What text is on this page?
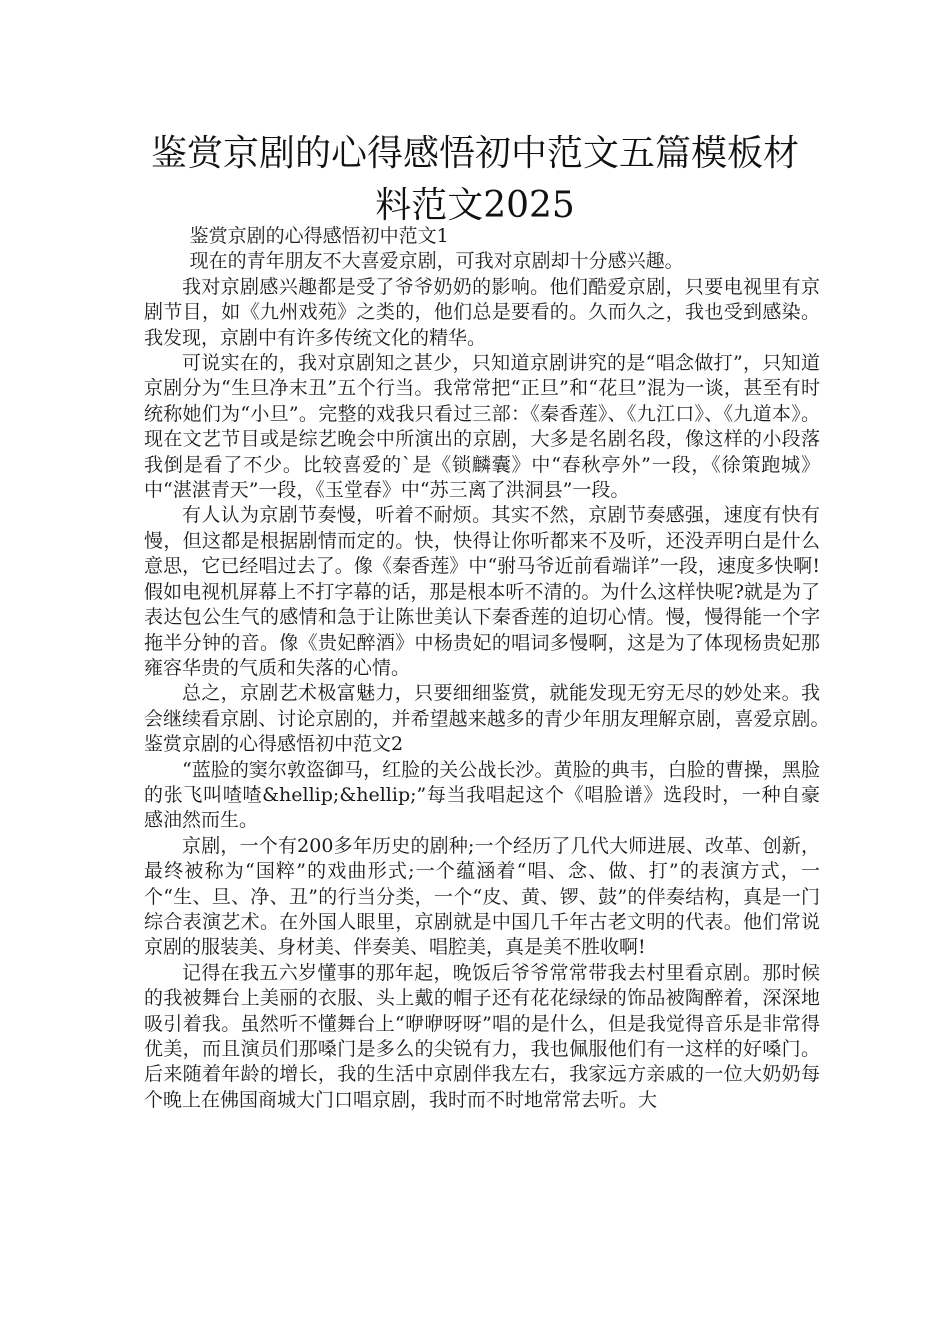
鉴赏京剧的心得感悟初中范文五篇模板材料范文2025

鉴赏京剧的心得感悟初中范文1

现在的青年朋友不大喜爱京剧，可我对京剧却十分感兴趣。

我对京剧感兴趣都是受了爷爷奶奶的影响。他们酷爱京剧，只要电视里有京剧节目，如《九州戏苑》之类的，他们总是要看的。久而久之，我也受到感染。我发现，京剧中有许多传统文化的精华。

可说实在的，我对京剧知之甚少，只知道京剧讲究的是“唱念做打”，只知道京剧分为“生旦净末丑”五个行当。我常常把“正旦”和“花旦”混为一谈，甚至有时统称她们为“小旦”。完整的戏我只看过三部：《秦香莲》、《九江口》、《九道本》。现在文艺节目或是综艺晚会中所演出的京剧，大多是名剧名段，像这样的小段落我倒是看了不少。比较喜爱的`是《锁麟囊》中“春秋亭外”一段，《徐策跑城》中“湛湛青天”一段，《玉堂春》中“苏三离了洪洞县”一段。

有人认为京剧节奏慢，听着不耐烦。其实不然，京剧节奏感强，速度有快有慢，但这都是根据剧情而定的。快，快得让你听都来不及听，还没弄明白是什么意思，它已经唱过去了。像《秦香莲》中“驸马爷近前看端详”一段，速度多快啊!假如电视机屏幕上不打字幕的话，那是根本听不清的。为什么这样快呢?就是为了表达包公生气的感情和急于让陈世美认下秦香莲的迫切心情。慢，慢得能一个字拖半分钟的音。像《贵妃醉酒》中杨贵妃的唱词多慢啊，这是为了体现杨贵妃那雍容华贵的气质和失落的心情。

总之，京剧艺术极富魅力，只要细细鉴赏，就能发现无穷无尽的妙处来。我会继续看京剧、讨论京剧的，并希望越来越多的青少年朋友理解京剧，喜爱京剧。　　鉴赏京剧的心得感悟初中范文2

“蓝脸的窦尔敦盗御马，红脸的关公战长沙。黄脸的典韦，白脸的曹操，黑脸的张飞叫喳喳&hellip;&hellip;”每当我唱起这个《唱脸谱》选段时，一种自豪感油然而生。

京剧，一个有200多年历史的剧种;一个经历了几代大师进展、改革、创新，最终被称为“国粹”的戏曲形式;一个蕴涵着“唱、念、做、打”的表演方式，一个“生、旦、净、丑”的行当分类，一个“皮、黄、锣、鼓”的伴奏结构，真是一门综合表演艺术。在外国人眼里，京剧就是中国几千年古老文明的代表。他们常说京剧的服装美、身材美、伴奏美、唱腔美，真是美不胜收啊!

记得在我五六岁懂事的那年起，晚饭后爷爷常常带我去村里看京剧。那时候的我被舞台上美丽的衣服、头上戴的帽子还有花花绿绿的饰品被陶醉着，深深地吸引着我。虽然听不懂舞台上“咿咿呀呀”唱的是什么，但是我觉得音乐是非常得优美，而且演员们那嗓门是多么的尖锐有力，我也佩服他们有一这样的好嗓门。后来随着年龄的增长，我的生活中京剧伴我左右，我家远方亲戚的一位大奶奶每个晚上在佛国商城大门口唱京剧，我时而不时地常常去听。大
